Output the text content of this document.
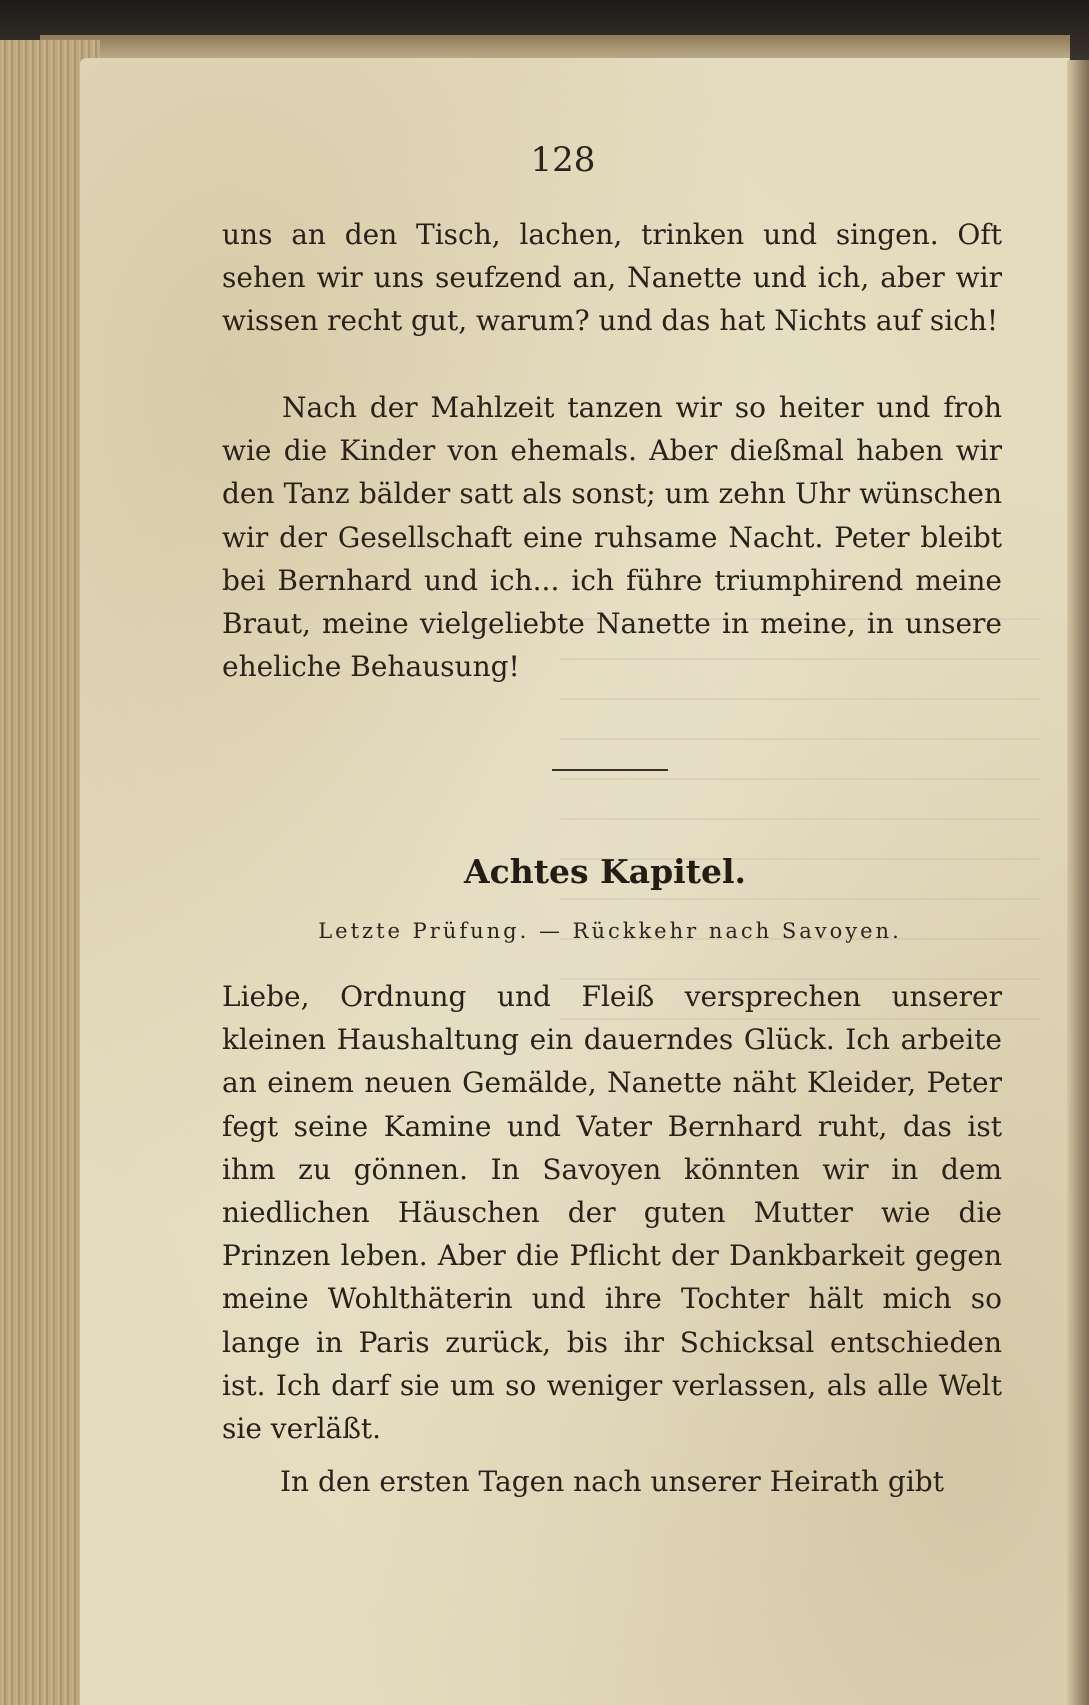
128

uns an den Tisch, lachen, trinken und singen. Oft sehen wir uns seufzend an, Nanette und ich, aber wir wissen recht gut, warum? und das hat Nichts auf sich!

Nach der Mahlzeit tanzen wir so heiter und froh wie die Kinder von ehemals. Aber dießmal haben wir den Tanz bälder satt als sonst; um zehn Uhr wünschen wir der Gesellschaft eine ruhsame Nacht. Peter bleibt bei Bernhard und ich... ich führe triumphirend meine Braut, meine vielgeliebte Nanette in meine, in unsere eheliche Behausung!

Achtes Kapitel.

Letzte Prüfung. — Rückkehr nach Savoyen.

Liebe, Ordnung und Fleiß versprechen unserer kleinen Haushaltung ein dauerndes Glück. Ich arbeite an einem neuen Gemälde, Nanette näht Kleider, Peter fegt seine Kamine und Vater Bernhard ruht, das ist ihm zu gönnen. In Savoyen könnten wir in dem niedlichen Häuschen der guten Mutter wie die Prinzen leben. Aber die Pflicht der Dankbarkeit gegen meine Wohlthäterin und ihre Tochter hält mich so lange in Paris zurück, bis ihr Schicksal entschieden ist. Ich darf sie um so weniger verlassen, als alle Welt sie verläßt.

In den ersten Tagen nach unserer Heirath gibt
